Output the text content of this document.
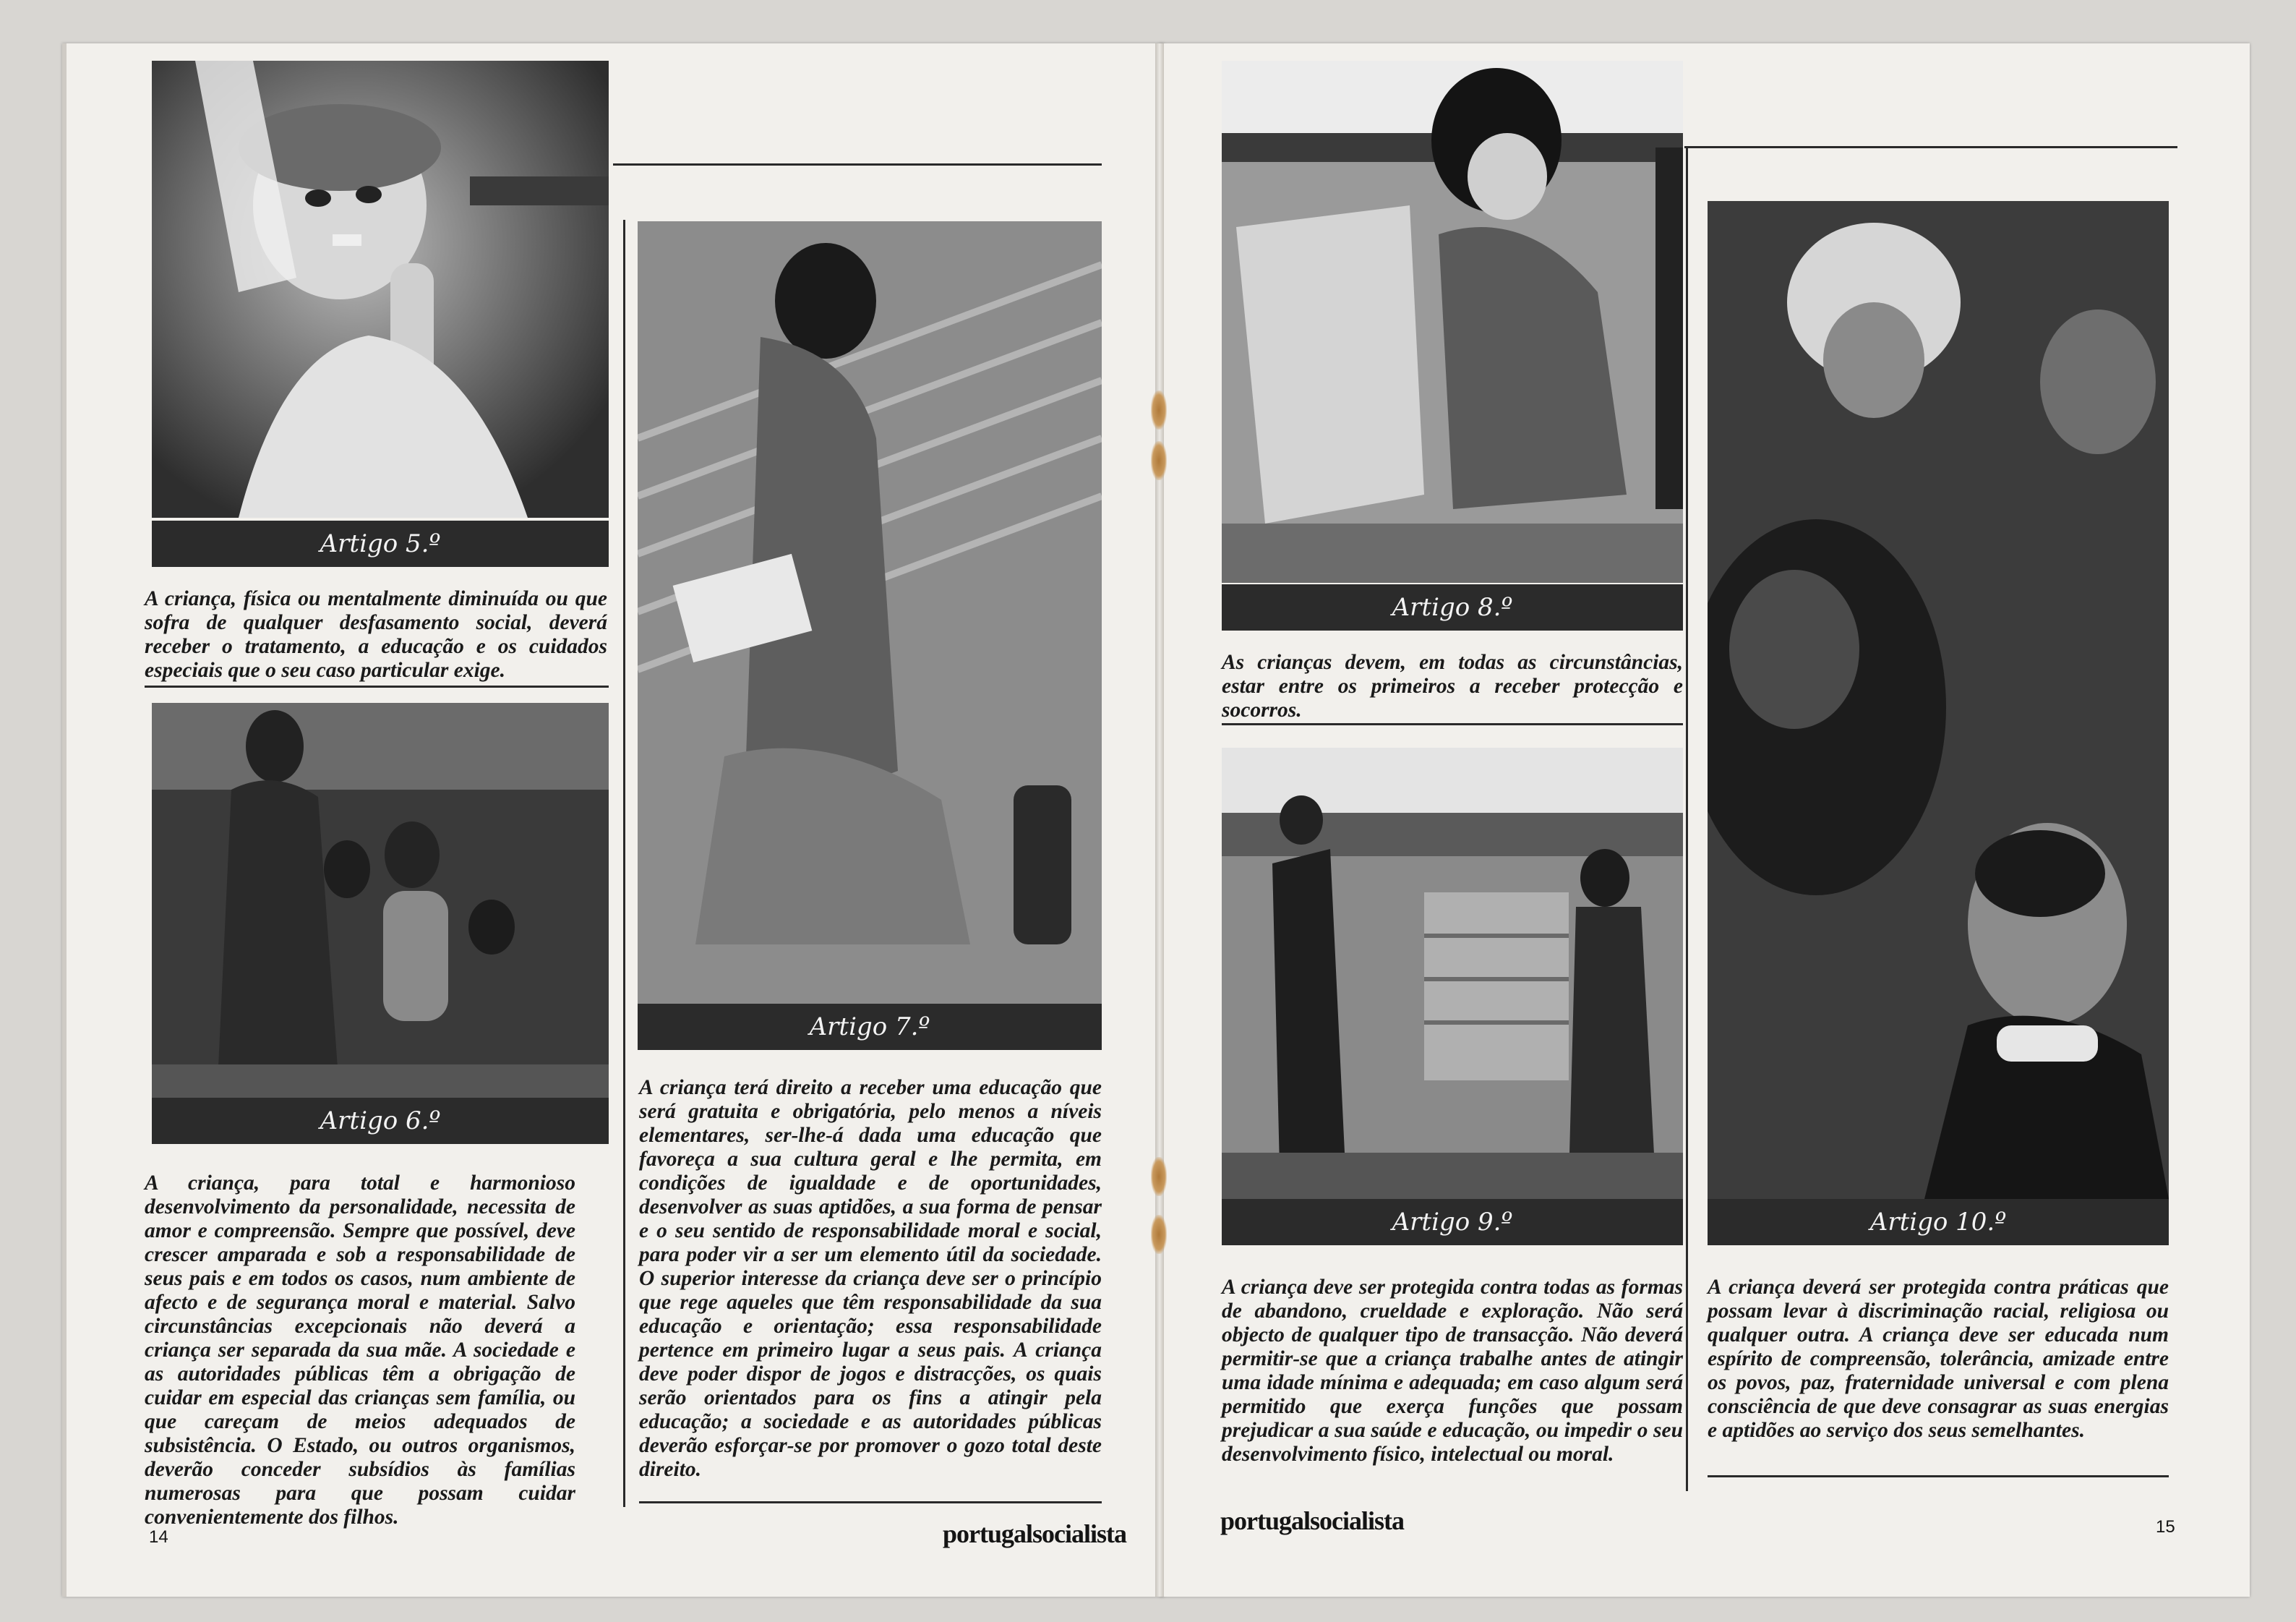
Artigo 5.º
A criança, física ou mentalmente diminuída ou que sofra de qualquer desfasamento social, deverá receber o tratamento, a educação e os cuidados especiais que o seu caso particular exige.
Artigo 6.º
A criança, para total e harmonioso desenvolvimento da personalidade, necessita de amor e compreensão. Sempre que possível, deve crescer amparada e sob a responsabilidade de seus pais e em todos os casos, num ambiente de afecto e de segurança moral e material. Salvo circunstâncias excepcionais não deverá a criança ser separada da sua mãe. A sociedade e as autoridades públicas têm a obrigação de cuidar em especial das crianças sem família, ou que careçam de meios adequados de subsistência. O Estado, ou outros organismos, deverão conceder subsídios às famílias numerosas para que possam cuidar convenientemente dos filhos.
Artigo 7.º
A criança terá direito a receber uma educação que será gratuita e obrigatória, pelo menos a níveis elementares, ser-lhe-á dada uma educação que favoreça a sua cultura geral e lhe permita, em condições de igualdade e de oportunidades, desenvolver as suas aptidões, a sua forma de pensar e o seu sentido de responsabilidade moral e social, para poder vir a ser um elemento útil da sociedade. O superior interesse da criança deve ser o princípio que rege aqueles que têm responsabilidade da sua educação e orientação; essa responsabilidade pertence em primeiro lugar a seus pais. A criança deve poder dispor de jogos e distracções, os quais serão orientados para os fins a atingir pela educação; a sociedade e as autoridades públicas deverão esforçar-se por promover o gozo total deste direito.
14	portugalsocialista
Artigo 8.º
As crianças devem, em todas as circunstâncias, estar entre os primeiros a receber protecção e socorros.
Artigo 9.º
A criança deve ser protegida contra todas as formas de abandono, crueldade e exploração. Não será objecto de qualquer tipo de transacção. Não deverá permitir-se que a criança trabalhe antes de atingir uma idade mínima e adequada; em caso algum será permitido que exerça funções que possam prejudicar a sua saúde e educação, ou impedir o seu desenvolvimento físico, intelectual ou moral.
Artigo 10.º
A criança deverá ser protegida contra práticas que possam levar à discriminação racial, religiosa ou qualquer outra. A criança deve ser educada num espírito de compreensão, tolerância, amizade entre os povos, paz, fraternidade universal e com plena consciência de que deve consagrar as suas energias e aptidões ao serviço dos seus semelhantes.
15
portugalsocialista
